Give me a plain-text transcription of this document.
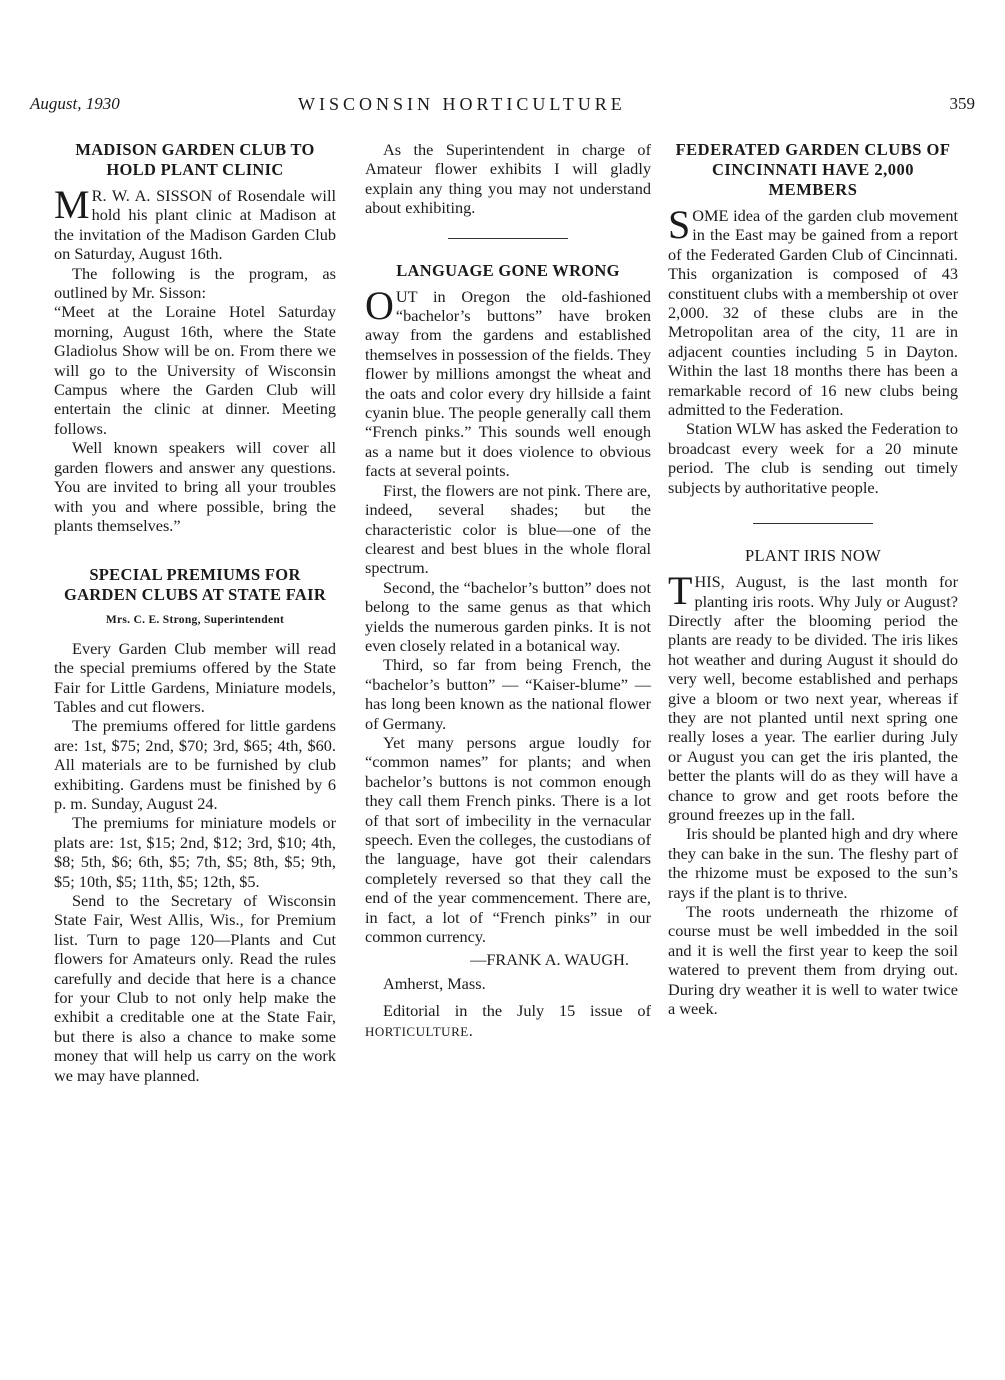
August, 1930	WISCONSIN HORTICULTURE	359
MADISON GARDEN CLUB TO HOLD PLANT CLINIC

M R. W. A. SISSON of Rosendale will hold his plant clinic at Madison at the invitation of the Madison Garden Club on Saturday, August 16th.

The following is the program, as outlined by Mr. Sisson:

“Meet at the Loraine Hotel Saturday morning, August 16th, where the State Gladiolus Show will be on. From there we will go to the University of Wisconsin Campus where the Garden Club will entertain the clinic at dinner. Meeting follows.

Well known speakers will cover all garden flowers and answer any questions. You are invited to bring all your troubles with you and where possible, bring the plants themselves.”

SPECIAL PREMIUMS FOR GARDEN CLUBS AT STATE FAIR
Mrs. C. E. Strong, Superintendent

Every Garden Club member will read the special premiums offered by the State Fair for Little Gardens, Miniature models, Tables and cut flowers.

The premiums offered for little gardens are: 1st, $75; 2nd, $70; 3rd, $65; 4th, $60. All materials are to be furnished by club exhibiting. Gardens must be finished by 6 p. m. Sunday, August 24.

The premiums for miniature models or plats are: 1st, $15; 2nd, $12; 3rd, $10; 4th, $8; 5th, $6; 6th, $5; 7th, $5; 8th, $5; 9th, $5; 10th, $5; 11th, $5; 12th, $5.

Send to the Secretary of Wisconsin State Fair, West Allis, Wis., for Premium list. Turn to page 120—Plants and Cut flowers for Amateurs only. Read the rules carefully and decide that here is a chance for your Club to not only help make the exhibit a creditable one at the State Fair, but there is also a chance to make some money that will help us carry on the work we may have planned.

As the Superintendent in charge of Amateur flower exhibits I will gladly explain any thing you may not understand about exhibiting.

LANGUAGE GONE WRONG

OUT in Oregon the old-fashioned “bachelor’s buttons” have broken away from the gardens and established themselves in possession of the fields. They flower by millions amongst the wheat and the oats and color every dry hillside a faint cyanin blue. The people generally call them “French pinks.” This sounds well enough as a name but it does violence to obvious facts at several points.

First, the flowers are not pink. There are, indeed, several shades; but the characteristic color is blue—one of the clearest and best blues in the whole floral spectrum.

Second, the “bachelor’s button” does not belong to the same genus as that which yields the numerous garden pinks. It is not even closely related in a botanical way.

Third, so far from being French, the “bachelor’s button” — “Kaiser-blume” — has long been known as the national flower of Germany.

Yet many persons argue loudly for “common names” for plants; and when bachelor’s buttons is not common enough they call them French pinks. There is a lot of that sort of imbecility in the vernacular speech. Even the colleges, the custodians of the language, have got their calendars completely reversed so that they call the end of the year commencement. There are, in fact, a lot of “French pinks” in our common currency.

—FRANK A. WAUGH.

Amherst, Mass.

Editorial in the July 15 issue of HORTICULTURE.

FEDERATED GARDEN CLUBS OF CINCINNATI HAVE 2,000 MEMBERS

SOME idea of the garden club movement in the East may be gained from a report of the Federated Garden Club of Cincinnati. This organization is composed of 43 constituent clubs with a membership ot over 2,000. 32 of these clubs are in the Metropolitan area of the city, 11 are in adjacent counties including 5 in Dayton. Within the last 18 months there has been a remarkable record of 16 new clubs being admitted to the Federation.

Station WLW has asked the Federation to broadcast every week for a 20 minute period. The club is sending out timely subjects by authoritative people.

PLANT IRIS NOW

THIS, August, is the last month for planting iris roots. Why July or August? Directly after the blooming period the plants are ready to be divided. The iris likes hot weather and during August it should do very well, become established and perhaps give a bloom or two next year, whereas if they are not planted until next spring one really loses a year. The earlier during July or August you can get the iris planted, the better the plants will do as they will have a chance to grow and get roots before the ground freezes up in the fall.

Iris should be planted high and dry where they can bake in the sun. The fleshy part of the rhizome must be exposed to the sun’s rays if the plant is to thrive.

The roots underneath the rhizome of course must be well imbedded in the soil and it is well the first year to keep the soil watered to prevent them from drying out. During dry weather it is well to water twice a week.
